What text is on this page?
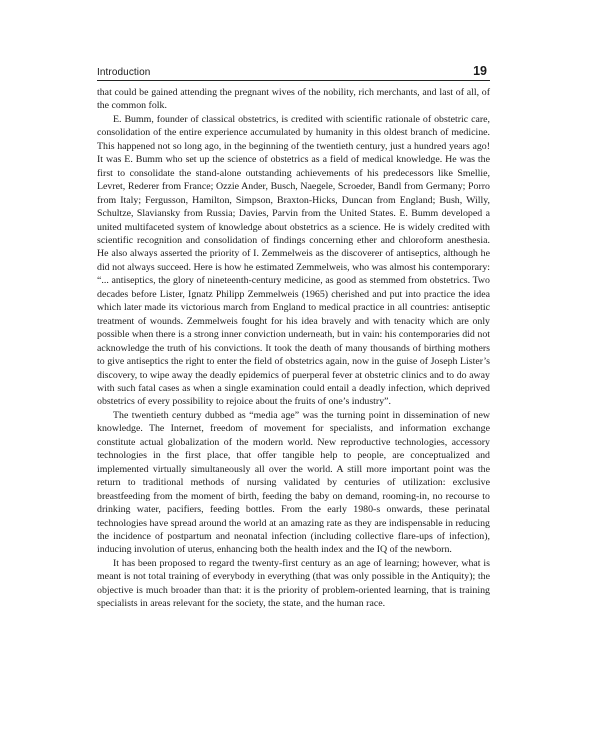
Introduction	19

that could be gained attending the pregnant wives of the nobility, rich merchants, and last of all, of the common folk.

E. Bumm, founder of classical obstetrics, is credited with scientific rationale of obstetric care, consolidation of the entire experience accumulated by humanity in this oldest branch of medicine. This happened not so long ago, in the beginning of the twentieth century, just a hundred years ago! It was E. Bumm who set up the science of obstetrics as a field of medical knowledge. He was the first to consolidate the stand-alone outstanding achievements of his predecessors like Smellie, Levret, Rederer from France; Ozzie Ander, Busch, Naegele, Scroeder, Bandl from Germany; Porro from Italy; Fergusson, Hamilton, Simpson, Braxton-Hicks, Duncan from England; Bush, Willy, Schultze, Slaviansky from Russia; Davies, Parvin from the United States. E. Bumm developed a united multifaceted system of knowledge about obstetrics as a science. He is widely credited with scientific recognition and consolidation of findings concerning ether and chloroform anesthesia. He also always asserted the priority of I. Zemmelweis as the discoverer of antiseptics, although he did not always succeed. Here is how he estimated Zemmelweis, who was almost his contemporary: “... antiseptics, the glory of nineteenth-century medicine, as good as stemmed from obstetrics. Two decades before Lister, Ignatz Philipp Zemmelweis (1965) cherished and put into practice the idea which later made its victorious march from England to medical practice in all countries: antiseptic treatment of wounds. Zemmelweis fought for his idea bravely and with tenacity which are only possible when there is a strong inner conviction underneath, but in vain: his contemporaries did not acknowledge the truth of his convictions. It took the death of many thousands of birthing mothers to give antiseptics the right to enter the field of obstetrics again, now in the guise of Joseph Lister’s discovery, to wipe away the deadly epidemics of puerperal fever at obstetric clinics and to do away with such fatal cases as when a single examination could entail a deadly infection, which deprived obstetrics of every possibility to rejoice about the fruits of one’s industry”.

The twentieth century dubbed as “media age” was the turning point in dissemination of new knowledge. The Internet, freedom of movement for specialists, and information exchange constitute actual globalization of the modern world. New reproductive technologies, accessory technologies in the first place, that offer tangible help to people, are conceptualized and implemented virtually simultaneously all over the world. A still more important point was the return to traditional methods of nursing validated by centuries of utilization: exclusive breastfeeding from the moment of birth, feeding the baby on demand, rooming-in, no recourse to drinking water, pacifiers, feeding bottles. From the early 1980-s onwards, these perinatal technologies have spread around the world at an amazing rate as they are indispensable in reducing the incidence of postpartum and neonatal infection (including collective flare-ups of infection), inducing involution of uterus, enhancing both the health index and the IQ of the newborn.

It has been proposed to regard the twenty-first century as an age of learning; however, what is meant is not total training of everybody in everything (that was only possible in the Antiquity); the objective is much broader than that: it is the priority of problem-oriented learning, that is training specialists in areas relevant for the society, the state, and the human race.
